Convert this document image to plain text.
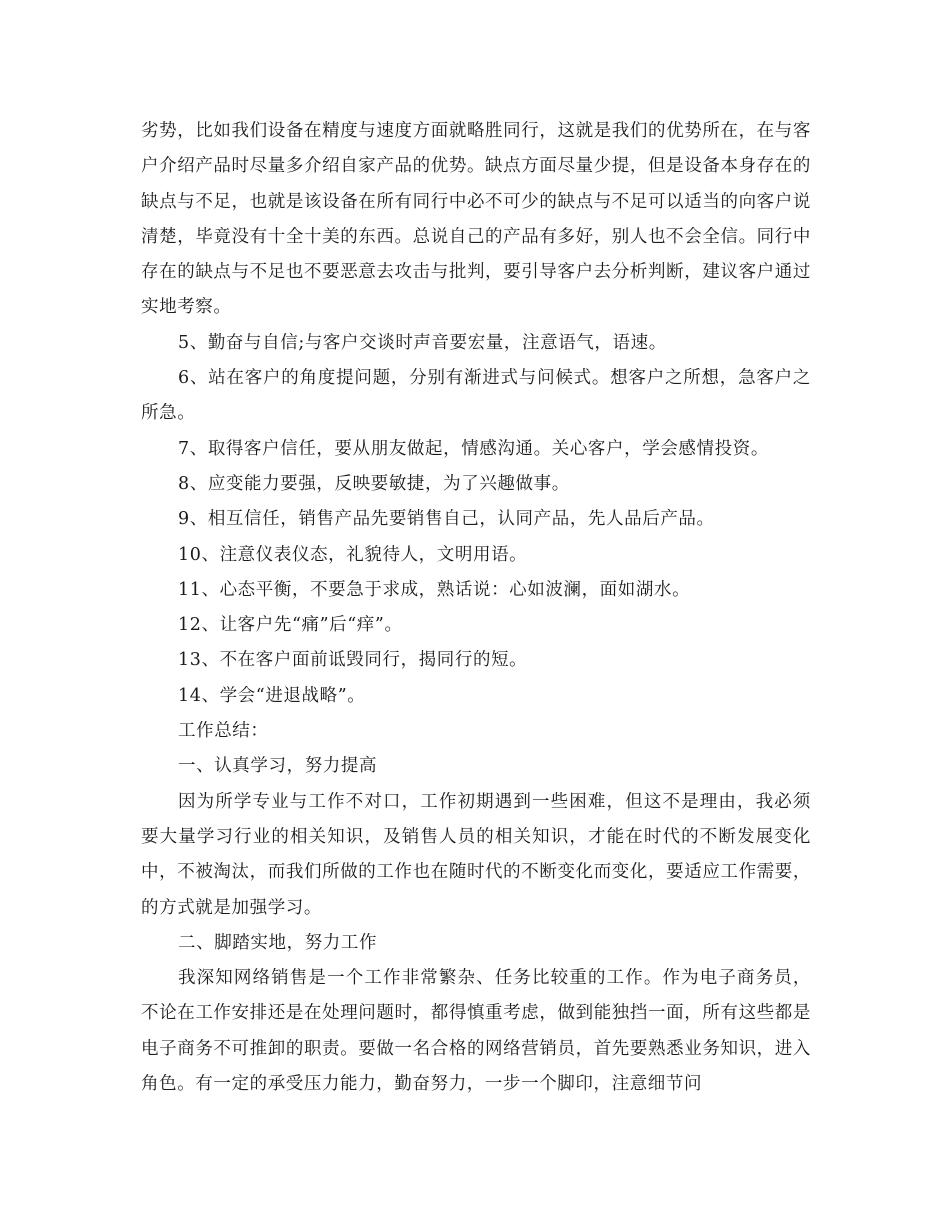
劣势，比如我们设备在精度与速度方面就略胜同行，这就是我们的优势所在，在与客户介绍产品时尽量多介绍自家产品的优势。缺点方面尽量少提，但是设备本身存在的缺点与不足，也就是该设备在所有同行中必不可少的缺点与不足可以适当的向客户说清楚，毕竟没有十全十美的东西。总说自己的产品有多好，别人也不会全信。同行中存在的缺点与不足也不要恶意去攻击与批判，要引导客户去分析判断，建议客户通过实地考察。

5、勤奋与自信;与客户交谈时声音要宏量，注意语气，语速。

6、站在客户的角度提问题，分别有渐进式与问候式。想客户之所想，急客户之所急。

7、取得客户信任，要从朋友做起，情感沟通。关心客户，学会感情投资。

8、应变能力要强，反映要敏捷，为了兴趣做事。

9、相互信任，销售产品先要销售自己，认同产品，先人品后产品。

10、注意仪表仪态，礼貌待人，文明用语。

11、心态平衡，不要急于求成，熟话说：心如波澜，面如湖水。

12、让客户先“痛”后“痒”。

13、不在客户面前诋毁同行，揭同行的短。

14、学会“进退战略”。

工作总结：

一、认真学习，努力提高

因为所学专业与工作不对口，工作初期遇到一些困难，但这不是理由，我必须要大量学习行业的相关知识，及销售人员的相关知识，才能在时代的不断发展变化中，不被淘汰，而我们所做的工作也在随时代的不断变化而变化，要适应工作需要，的方式就是加强学习。

二、脚踏实地，努力工作

我深知网络销售是一个工作非常繁杂、任务比较重的工作。作为电子商务员，不论在工作安排还是在处理问题时，都得慎重考虑，做到能独挡一面，所有这些都是电子商务不可推卸的职责。要做一名合格的网络营销员，首先要熟悉业务知识，进入角色。有一定的承受压力能力，勤奋努力，一步一个脚印，注意细节问
